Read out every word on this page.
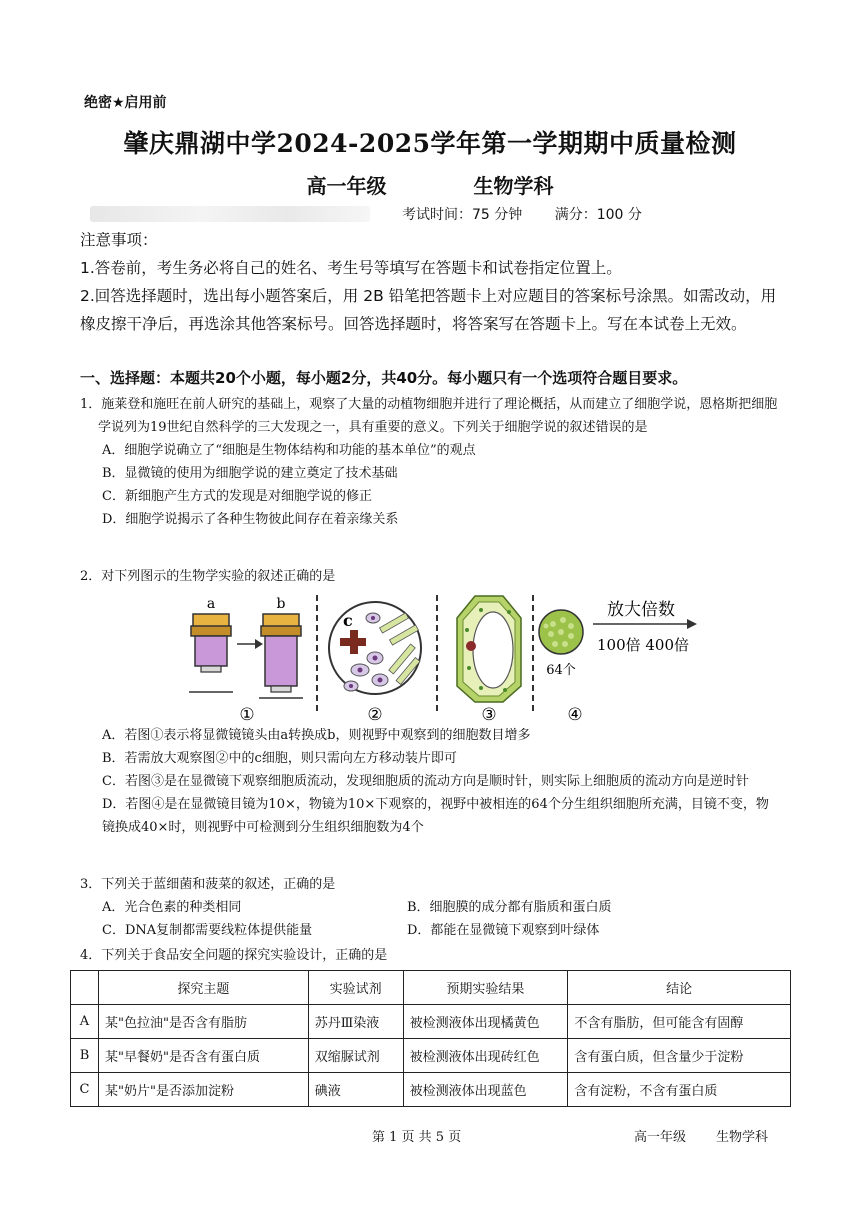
绝密★启用前
肇庆鼎湖中学2024-2025学年第一学期期中质量检测
高一年级	生物学科
考试时间：75 分钟 满分：100 分
注意事项：
1.答卷前，考生务必将自己的姓名、考生号等填写在答题卡和试卷指定位置上。
2.回答选择题时，选出每小题答案后，用 2B 铅笔把答题卡上对应题目的答案标号涂黑。如需改动，用橡皮擦干净后，再选涂其他答案标号。回答选择题时，将答案写在答题卡上。写在本试卷上无效。
一、选择题：本题共20个小题，每小题2分，共40分。每小题只有一个选项符合题目要求。
1．施莱登和施旺在前人研究的基础上，观察了大量的动植物细胞并进行了理论概括，从而建立了细胞学说，恩格斯把细胞学说列为19世纪自然科学的三大发现之一，具有重要的意义。下列关于细胞学说的叙述错误的是
A．细胞学说确立了“细胞是生物体结构和功能的基本单位”的观点
B．显微镜的使用为细胞学说的建立奠定了技术基础
C．新细胞产生方式的发现是对细胞学说的修正
D．细胞学说揭示了各种生物彼此间存在着亲缘关系
2．对下列图示的生物学实验的叙述正确的是
a	b
①
c
②	③
64个
放大倍数
100倍 400倍
④
A．若图①表示将显微镜镜头由a转换成b，则视野中观察到的细胞数目增多
B．若需放大观察图②中的c细胞，则只需向左方移动装片即可
C．若图③是在显微镜下观察细胞质流动，发现细胞质的流动方向是顺时针，则实际上细胞质的流动方向是逆时针
D．若图④是在显微镜目镜为10×，物镜为10×下观察的，视野中被相连的64个分生组织细胞所充满，目镜不变，物镜换成40×时，则视野中可检测到分生组织细胞数为4个
3．下列关于蓝细菌和菠菜的叙述，正确的是
A．光合色素的种类相同	B．细胞膜的成分都有脂质和蛋白质
C．DNA复制都需要线粒体提供能量	D．都能在显微镜下观察到叶绿体
4．下列关于食品安全问题的探究实验设计，正确的是
	探究主题	实验试剂	预期实验结果	结论
A	某"色拉油"是否含有脂肪	苏丹Ⅲ染液	被检测液体出现橘黄色	不含有脂肪，但可能含有固醇
B	某"早餐奶"是否含有蛋白质	双缩脲试剂	被检测液体出现砖红色	含有蛋白质，但含量少于淀粉
C	某"奶片"是否添加淀粉	碘液	被检测液体出现蓝色	含有淀粉，不含有蛋白质
第 1 页 共 5 页	高一年级 生物学科
